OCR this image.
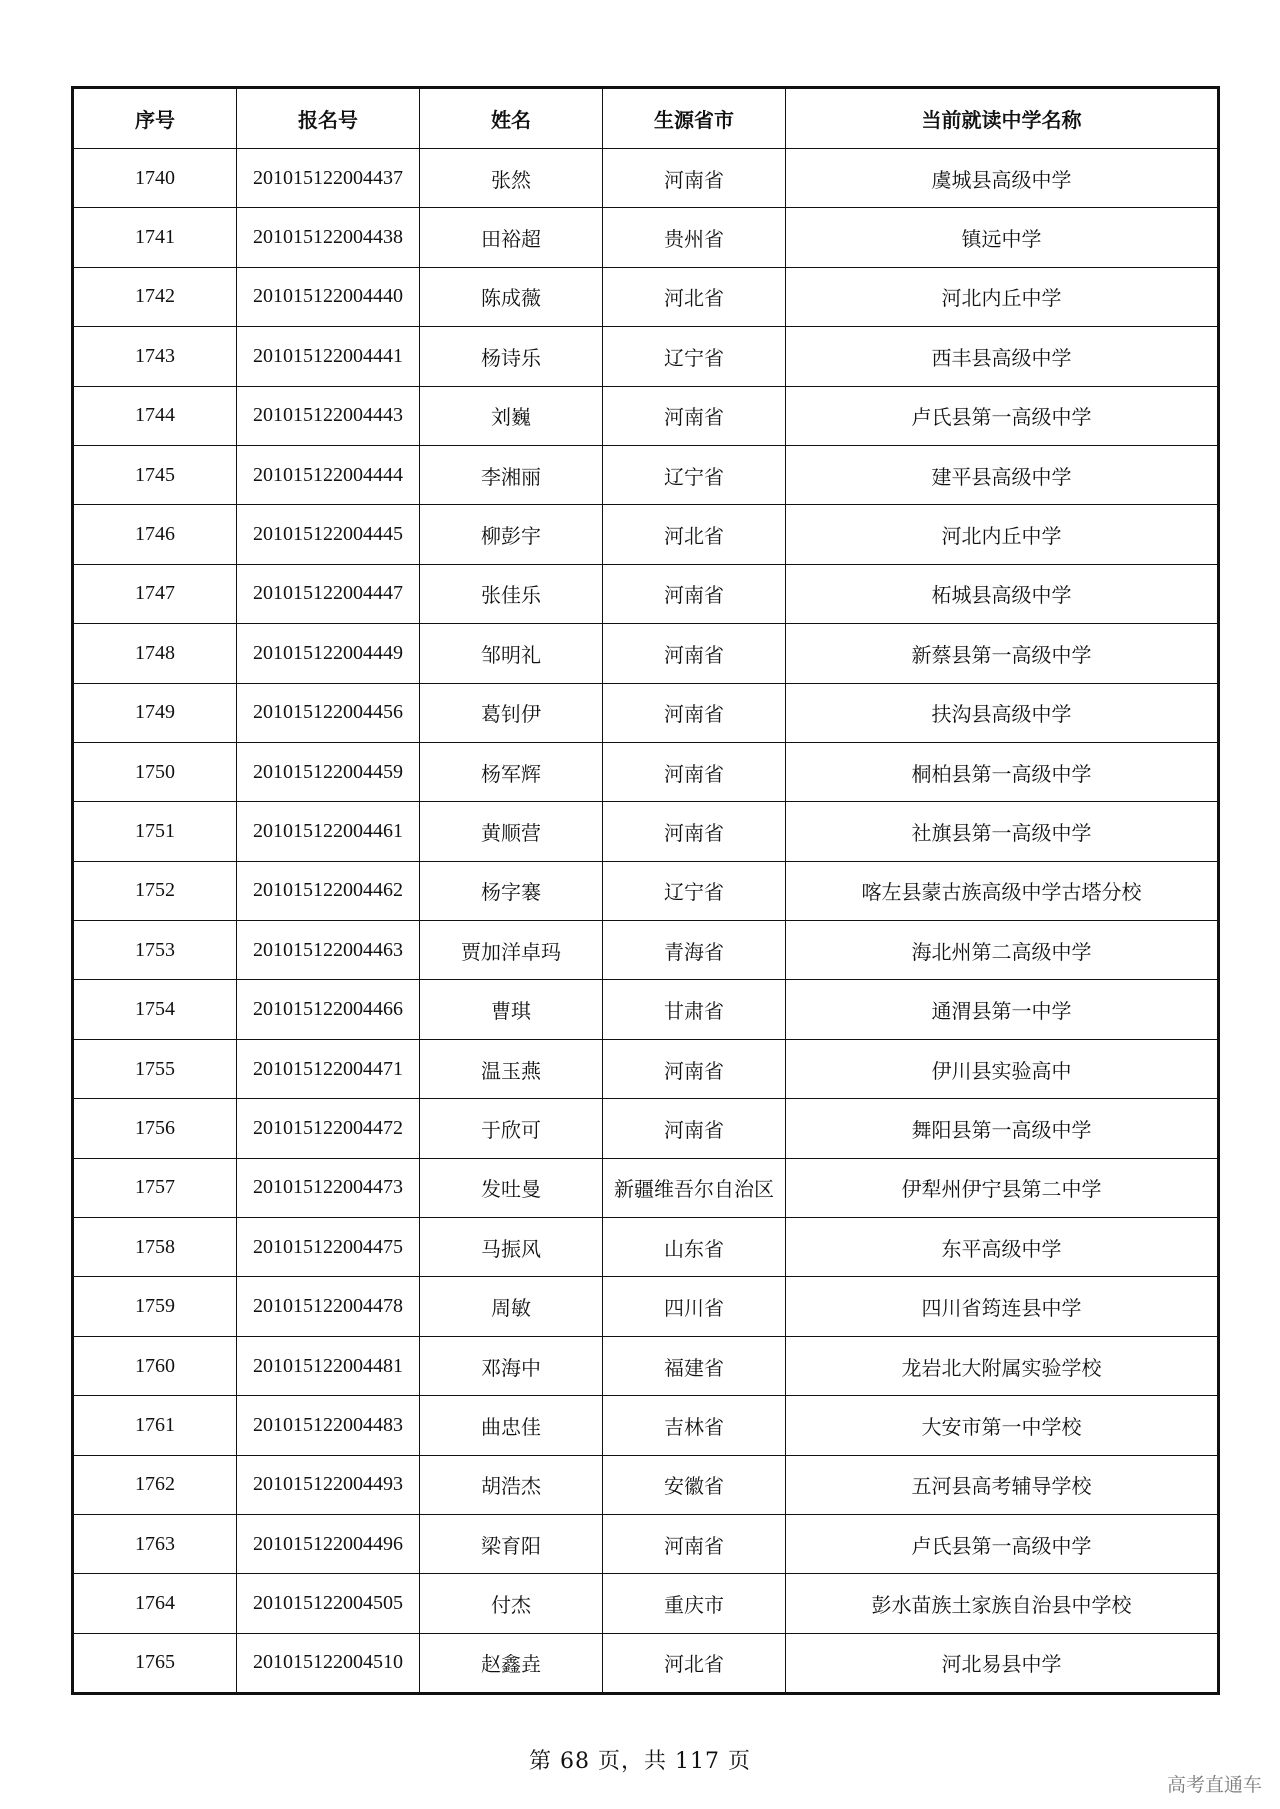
序号	报名号	姓名	生源省市	当前就读中学名称
1740	201015122004437	张然	河南省	虞城县高级中学
1741	201015122004438	田裕超	贵州省	镇远中学
1742	201015122004440	陈成薇	河北省	河北内丘中学
1743	201015122004441	杨诗乐	辽宁省	西丰县高级中学
1744	201015122004443	刘巍	河南省	卢氏县第一高级中学
1745	201015122004444	李湘丽	辽宁省	建平县高级中学
1746	201015122004445	柳彭宇	河北省	河北内丘中学
1747	201015122004447	张佳乐	河南省	柘城县高级中学
1748	201015122004449	邹明礼	河南省	新蔡县第一高级中学
1749	201015122004456	葛钊伊	河南省	扶沟县高级中学
1750	201015122004459	杨军辉	河南省	桐柏县第一高级中学
1751	201015122004461	黄顺营	河南省	社旗县第一高级中学
1752	201015122004462	杨字褰	辽宁省	喀左县蒙古族高级中学古塔分校
1753	201015122004463	贾加洋卓玛	青海省	海北州第二高级中学
1754	201015122004466	曹琪	甘肃省	通渭县第一中学
1755	201015122004471	温玉燕	河南省	伊川县实验高中
1756	201015122004472	于欣可	河南省	舞阳县第一高级中学
1757	201015122004473	发吐曼	新疆维吾尔自治区	伊犁州伊宁县第二中学
1758	201015122004475	马振风	山东省	东平高级中学
1759	201015122004478	周敏	四川省	四川省筠连县中学
1760	201015122004481	邓海中	福建省	龙岩北大附属实验学校
1761	201015122004483	曲忠佳	吉林省	大安市第一中学校
1762	201015122004493	胡浩杰	安徽省	五河县高考辅导学校
1763	201015122004496	梁育阳	河南省	卢氏县第一高级中学
1764	201015122004505	付杰	重庆市	彭水苗族土家族自治县中学校
1765	201015122004510	赵鑫垚	河北省	河北易县中学
第 68 页，共 117 页
高考直通车
